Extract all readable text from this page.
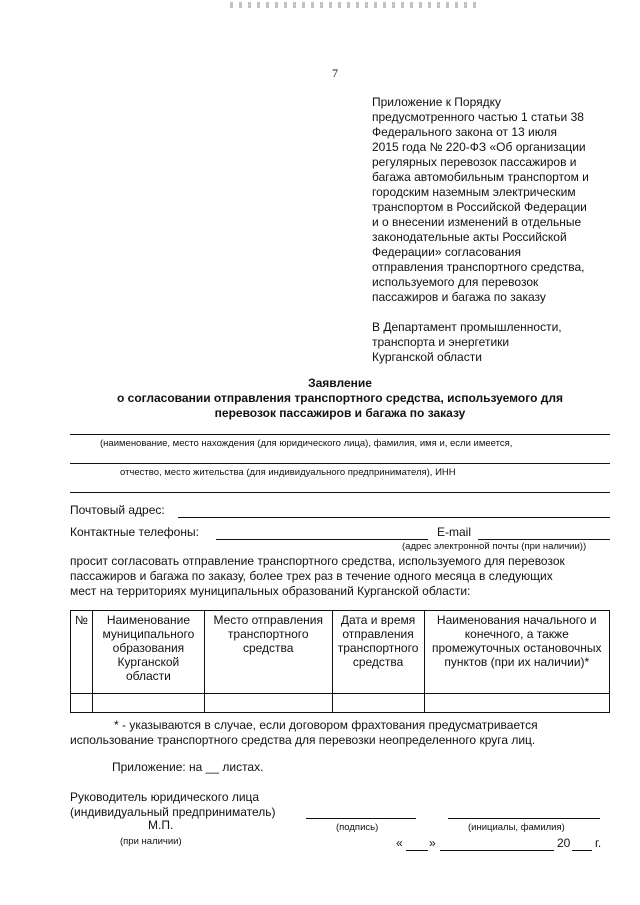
7
Приложение к Порядку
предусмотренного частью 1 статьи 38
Федерального закона от 13 июля
2015 года № 220-ФЗ «Об организации
регулярных перевозок пассажиров и
багажа автомобильным транспортом и
городским наземным электрическим
транспортом в Российской Федерации
и о внесении изменений в отдельные
законодательные акты Российской
Федерации» согласования
отправления транспортного средства,
используемого для перевозок
пассажиров и багажа по заказу
В Департамент промышленности,
транспорта и энергетики
Курганской области
Заявление
о согласовании отправления транспортного средства, используемого для
перевозок пассажиров и багажа по заказу
(наименование, место нахождения (для юридического лица), фамилия, имя и, если имеется,
отчество, место жительства (для индивидуального предпринимателя), ИНН
Почтовый адрес:
Контактные телефоны:	E-mail
(адрес электронной почты (при наличии))
просит согласовать отправление транспортного средства, используемого для перевозок
пассажиров и багажа по заказу, более трех раз в течение одного месяца в следующих
мест на территориях муниципальных образований Курганской области:
№	Наименование муниципального образования Курганской области	Место отправления транспортного средства	Дата и время отправления транспортного средства	Наименования начального и конечного, а также промежуточных остановочных пунктов (при их наличии)*

* - указываются в случае, если договором фрахтования предусматривается
использование транспортного средства для перевозки неопределенного круга лиц.
Приложение: на __ листах.
Руководитель юридического лица
(индивидуальный предприниматель)
(подпись)	(инициалы, фамилия)
М.П.
(при наличии)	« »	20 г.
